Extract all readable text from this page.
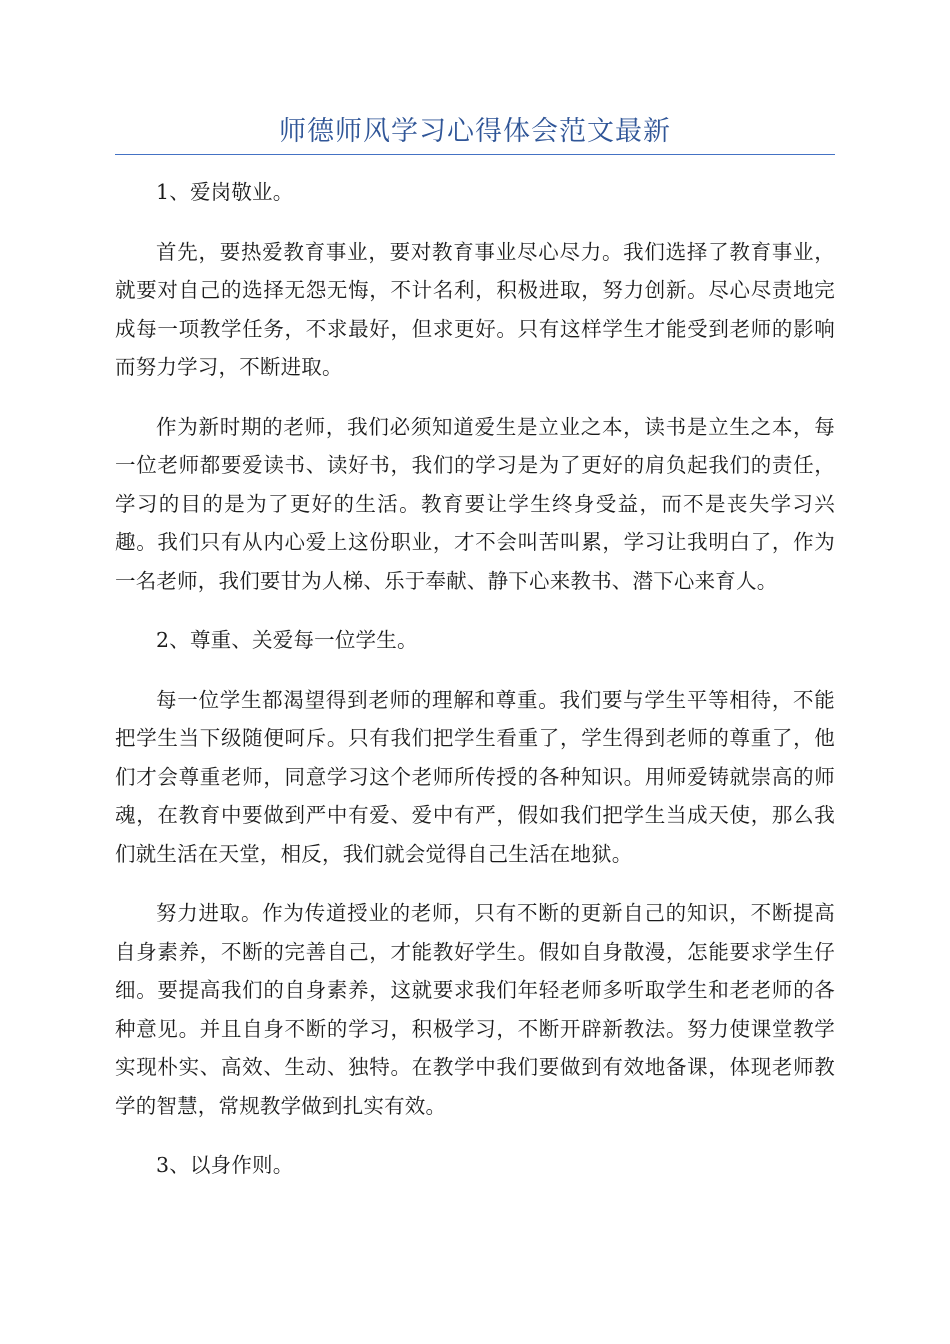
师德师风学习心得体会范文最新

1、爱岗敬业。

首先，要热爱教育事业，要对教育事业尽心尽力。我们选择了教育事业，就要对自己的选择无怨无悔，不计名利，积极进取，努力创新。尽心尽责地完成每一项教学任务，不求最好，但求更好。只有这样学生才能受到老师的影响而努力学习，不断进取。

作为新时期的老师，我们必须知道爱生是立业之本，读书是立生之本，每一位老师都要爱读书、读好书，我们的学习是为了更好的肩负起我们的责任，学习的目的是为了更好的生活。教育要让学生终身受益，而不是丧失学习兴趣。我们只有从内心爱上这份职业，才不会叫苦叫累，学习让我明白了，作为一名老师，我们要甘为人梯、乐于奉献、静下心来教书、潜下心来育人。

2、尊重、关爱每一位学生。

每一位学生都渴望得到老师的理解和尊重。我们要与学生平等相待，不能把学生当下级随便呵斥。只有我们把学生看重了，学生得到老师的尊重了，他们才会尊重老师，同意学习这个老师所传授的各种知识。用师爱铸就崇高的师魂，在教育中要做到严中有爱、爱中有严，假如我们把学生当成天使，那么我们就生活在天堂，相反，我们就会觉得自己生活在地狱。

努力进取。作为传道授业的老师，只有不断的更新自己的知识，不断提高自身素养，不断的完善自己，才能教好学生。假如自身散漫，怎能要求学生仔细。要提高我们的自身素养，这就要求我们年轻老师多听取学生和老老师的各种意见。并且自身不断的学习，积极学习，不断开辟新教法。努力使课堂教学实现朴实、高效、生动、独特。在教学中我们要做到有效地备课，体现老师教学的智慧，常规教学做到扎实有效。

3、以身作则。
